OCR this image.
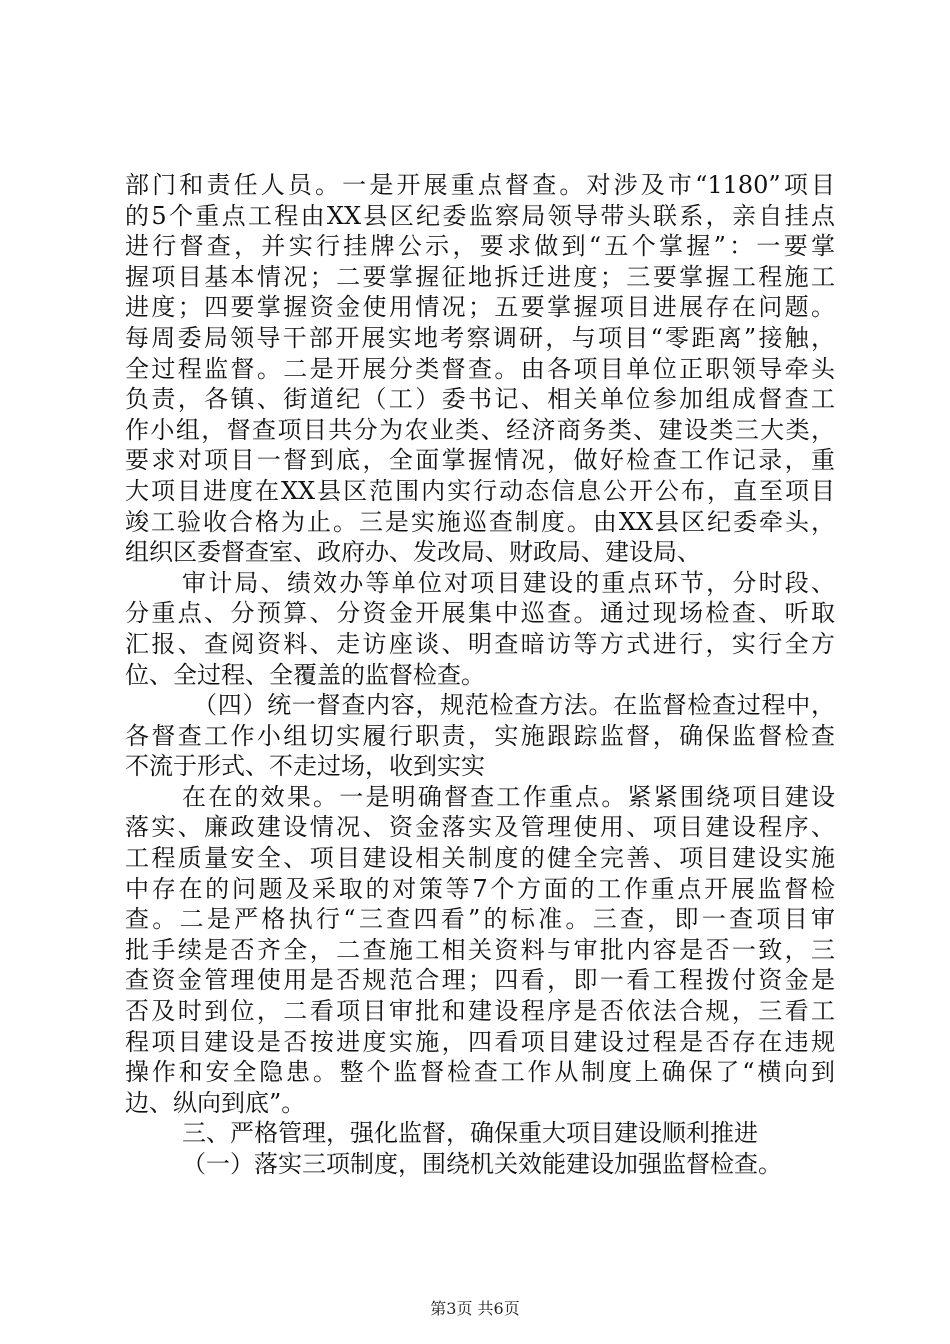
部门和责任人员。一是开展重点督查。对涉及市“1180”项目
的5个重点工程由XX县区纪委监察局领导带头联系，亲自挂点
进行督查，并实行挂牌公示，要求做到“五个掌握”：一要掌
握项目基本情况；二要掌握征地拆迁进度；三要掌握工程施工
进度；四要掌握资金使用情况；五要掌握项目进展存在问题。
每周委局领导干部开展实地考察调研，与项目“零距离”接触，
全过程监督。二是开展分类督查。由各项目单位正职领导牵头
负责，各镇、街道纪（工）委书记、相关单位参加组成督查工
作小组，督查项目共分为农业类、经济商务类、建设类三大类，
要求对项目一督到底，全面掌握情况，做好检查工作记录，重
大项目进度在XX县区范围内实行动态信息公开公布，直至项目
竣工验收合格为止。三是实施巡查制度。由XX县区纪委牵头，
组织区委督查室、政府办、发改局、财政局、建设局、
审计局、绩效办等单位对项目建设的重点环节，分时段、
分重点、分预算、分资金开展集中巡查。通过现场检查、听取
汇报、查阅资料、走访座谈、明查暗访等方式进行，实行全方
位、全过程、全覆盖的监督检查。
（四）统一督查内容，规范检查方法。在监督检查过程中，
各督查工作小组切实履行职责，实施跟踪监督，确保监督检查
不流于形式、不走过场，收到实实
在在的效果。一是明确督查工作重点。紧紧围绕项目建设
落实、廉政建设情况、资金落实及管理使用、项目建设程序、
工程质量安全、项目建设相关制度的健全完善、项目建设实施
中存在的问题及采取的对策等7个方面的工作重点开展监督检
查。二是严格执行“三查四看”的标准。三查，即一查项目审
批手续是否齐全，二查施工相关资料与审批内容是否一致，三
查资金管理使用是否规范合理；四看，即一看工程拨付资金是
否及时到位，二看项目审批和建设程序是否依法合规，三看工
程项目建设是否按进度实施，四看项目建设过程是否存在违规
操作和安全隐患。整个监督检查工作从制度上确保了“横向到
边、纵向到底”。
三、严格管理，强化监督，确保重大项目建设顺利推进
（一）落实三项制度，围绕机关效能建设加强监督检查。
第3页 共6页
